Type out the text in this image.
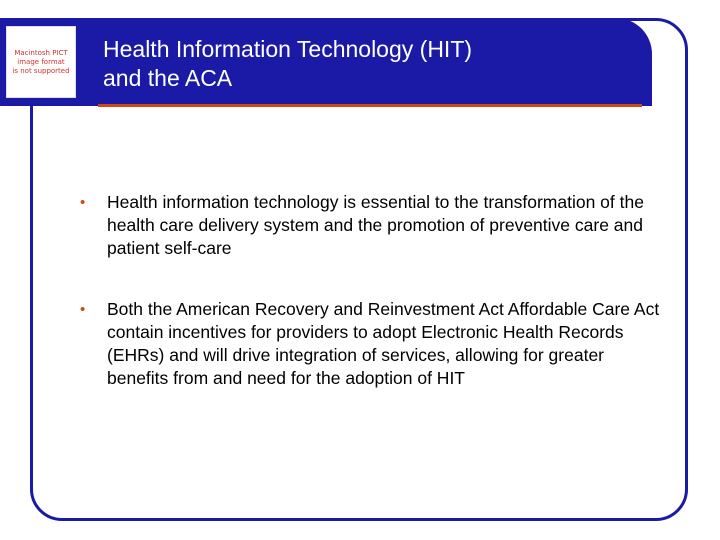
Macintosh PICT
image format
is not supported
Health Information Technology (HIT)
and the ACA
• Health information technology is essential to the transformation of the health care delivery system and the promotion of preventive care and patient self-care
• Both the American Recovery and Reinvestment Act Affordable Care Act contain incentives for providers to adopt Electronic Health Records (EHRs) and will drive integration of services, allowing for greater benefits from and need for the adoption of HIT
